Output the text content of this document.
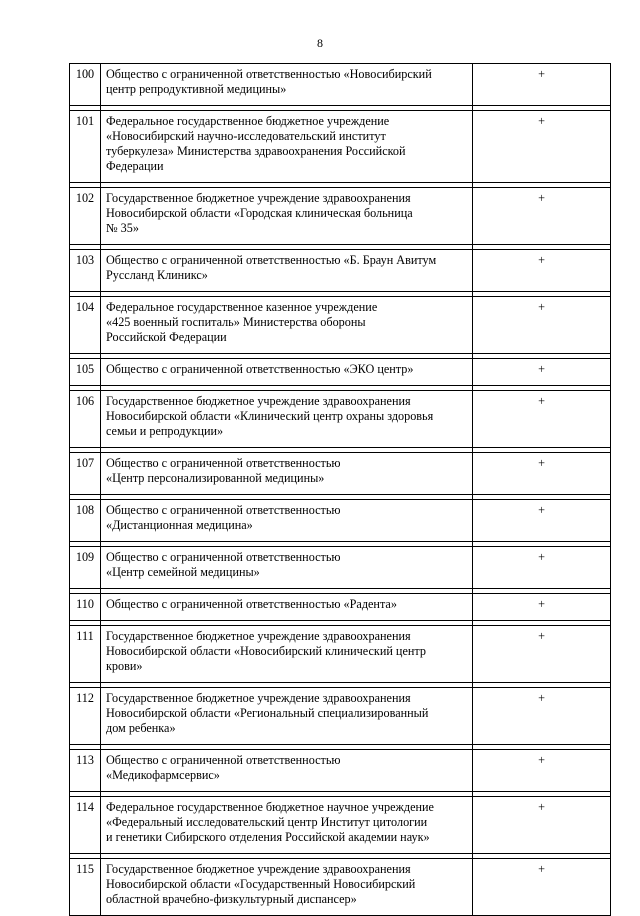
8
100	Общество с ограниченной ответственностью «Новосибирский
центр репродуктивной медицины»	+

101	Федеральное государственное бюджетное учреждение
«Новосибирский научно-исследовательский институт
туберкулеза» Министерства здравоохранения Российской
Федерации	+

102	Государственное бюджетное учреждение здравоохранения
Новосибирской области «Городская клиническая больница
№ 35»	+

103	Общество с ограниченной ответственностью «Б. Браун Авитум
Руссланд Клиникс»	+

104	Федеральное государственное казенное учреждение
«425 военный госпиталь» Министерства обороны
Российской Федерации	+

105	Общество с ограниченной ответственностью «ЭКО центр»	+

106	Государственное бюджетное учреждение здравоохранения
Новосибирской области «Клинический центр охраны здоровья
семьи и репродукции»	+

107	Общество с ограниченной ответственностью
«Центр персонализированной медицины»	+

108	Общество с ограниченной ответственностью
«Дистанционная медицина»	+

109	Общество с ограниченной ответственностью
«Центр семейной медицины»	+

110	Общество с ограниченной ответственностью «Радента»	+

111	Государственное бюджетное учреждение здравоохранения
Новосибирской области «Новосибирский клинический центр
крови»	+

112	Государственное бюджетное учреждение здравоохранения
Новосибирской области «Региональный специализированный
дом ребенка»	+

113	Общество с ограниченной ответственностью
«Медикофармсервис»	+

114	Федеральное государственное бюджетное научное учреждение
«Федеральный исследовательский центр Институт цитологии
и генетики Сибирского отделения Российской академии наук»	+

115	Государственное бюджетное учреждение здравоохранения
Новосибирской области «Государственный Новосибирский
областной врачебно-физкультурный диспансер»	+
